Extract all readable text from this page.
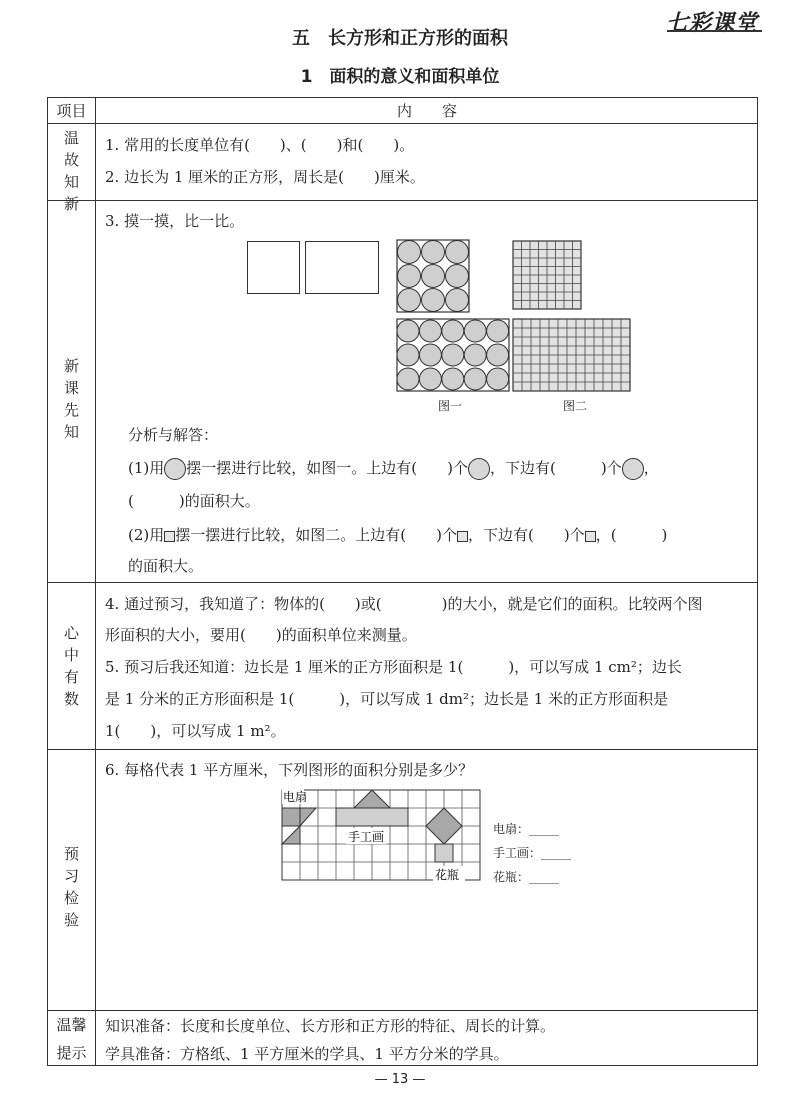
七彩课堂
五　长方形和正方形的面积
1　面积的意义和面积单位
项目	内　　容
温
故
知
新
1. 常用的长度单位有(　　)、(　　)和(　　)。
2. 边长为 1 厘米的正方形，周长是(　　)厘米。
新
课
先
知
3. 摸一摸，比一比。
图一	图二
分析与解答：
(1)用 摆一摆进行比较，如图一。上边有(　　)个 ，下边有(　　　)个 ，
(　　　)的面积大。
(2)用 摆一摆进行比较，如图二。上边有(　　)个 ，下边有(　　)个 ，(　　　)
的面积大。
心
中
有
数
4. 通过预习，我知道了：物体的(　　)或(　　　　)的大小，就是它们的面积。比较两个图
形面积的大小，要用(　　)的面积单位来测量。
5. 预习后我还知道：边长是 1 厘米的正方形面积是 1(　　　)，可以写成 1 cm²；边长
是 1 分米的正方形面积是 1(　　　)，可以写成 1 dm²；边长是 1 米的正方形面积是
1(　　)，可以写成 1 m²。
预
习
检
验
6. 每格代表 1 平方厘米，下列图形的面积分别是多少？
电扇
手工画
花瓶
电扇：_____
手工画：_____
花瓶：_____
温馨
提示
知识准备：长度和长度单位、长方形和正方形的特征、周长的计算。
学具准备：方格纸、1 平方厘米的学具、1 平方分米的学具。
— 13 —
